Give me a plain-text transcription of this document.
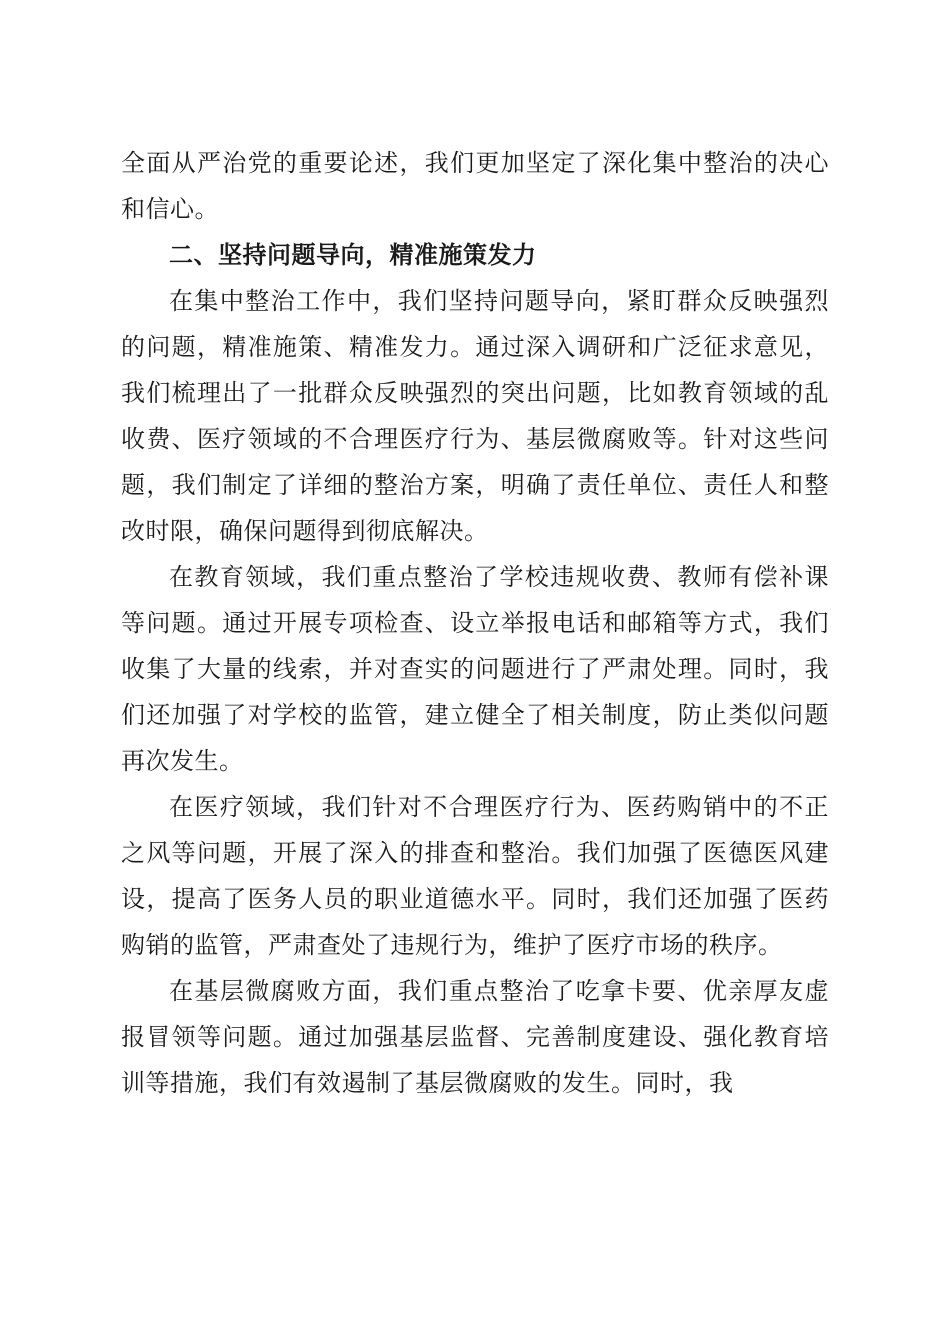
全面从严治党的重要论述，我们更加坚定了深化集中整治的决心和信心。

二、坚持问题导向，精准施策发力

在集中整治工作中，我们坚持问题导向，紧盯群众反映强烈的问题，精准施策、精准发力。通过深入调研和广泛征求意见，我们梳理出了一批群众反映强烈的突出问题，比如教育领域的乱收费、医疗领域的不合理医疗行为、基层微腐败等。针对这些问题，我们制定了详细的整治方案，明确了责任单位、责任人和整改时限，确保问题得到彻底解决。

在教育领域，我们重点整治了学校违规收费、教师有偿补课等问题。通过开展专项检查、设立举报电话和邮箱等方式，我们收集了大量的线索，并对查实的问题进行了严肃处理。同时，我们还加强了对学校的监管，建立健全了相关制度，防止类似问题再次发生。

在医疗领域，我们针对不合理医疗行为、医药购销中的不正之风等问题，开展了深入的排查和整治。我们加强了医德医风建设，提高了医务人员的职业道德水平。同时，我们还加强了医药购销的监管，严肃查处了违规行为，维护了医疗市场的秩序。

在基层微腐败方面，我们重点整治了吃拿卡要、优亲厚友虚报冒领等问题。通过加强基层监督、完善制度建设、强化教育培训等措施，我们有效遏制了基层微腐败的发生。同时，我
